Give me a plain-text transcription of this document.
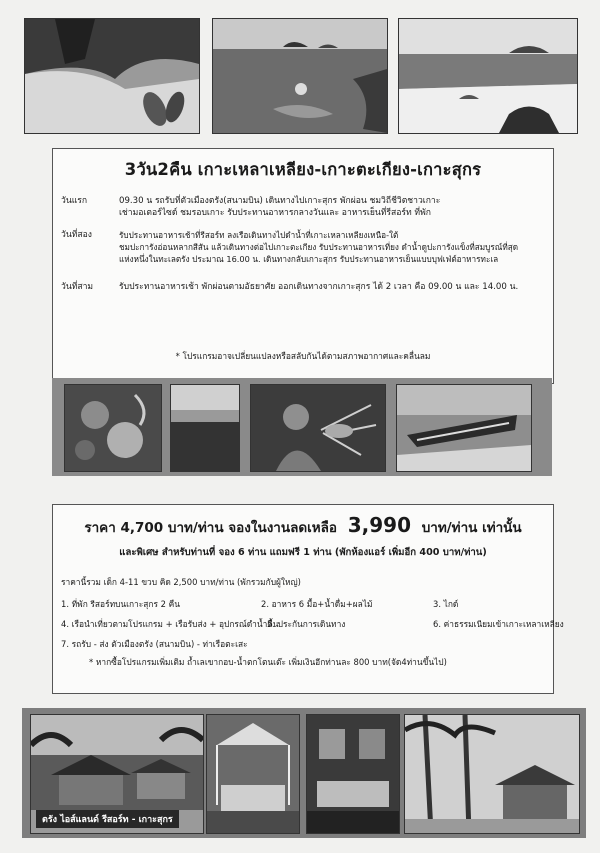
3วัน2คืน เกาะเหลาเหลียง-เกาะตะเกียง-เกาะสุกร
วันแรก	09.30 น รถรับที่ตัวเมืองตรัง(สนามบิน) เดินทางไปเกาะสุกร พักผ่อน ชมวิถีชีวิตชาวเกาะ
เช่ามอเตอร์ไซด์ ชมรอบเกาะ รับประทานอาหารกลางวันและ อาหารเย็นที่รีสอร์ท ที่พัก
วันที่สอง	รับประทานอาหารเช้าที่รีสอร์ท ลงเรือเดินทางไปดำน้ำที่เกาะเหลาเหลียงเหนือ-ใต้
ชมปะการังอ่อนหลากสีสัน แล้วเดินทางต่อไปเกาะตะเกียง รับประทานอาหารเที่ยง ดำน้ำดูปะการังแข็งที่สมบูรณ์ที่สุด
แห่งหนึ่งในทะเลตรัง ประมาณ 16.00 น. เดินทางกลับเกาะสุกร รับประทานอาหารเย็นแบบบุฟเฟ่ต์อาหารทะเล
วันที่สาม	รับประทานอาหารเช้า พักผ่อนตามอัธยาศัย ออกเดินทางจากเกาะสุกร ได้ 2 เวลา คือ 09.00 น และ 14.00 น.
* โปรแกรมอาจเปลี่ยนแปลงหรือสลับกันได้ตามสภาพอากาศและคลื่นลม
ราคา 4,700 บาท/ท่าน จองในงานลดเหลือ 3,990 บาท/ท่าน เท่านั้น
และพิเศษ สำหรับท่านที่ จอง 6 ท่าน แถมฟรี 1 ท่าน (พักห้องแอร์ เพิ่มอีก 400 บาท/ท่าน)
ราคานี้รวม เด็ก 4-11 ขวบ คิด 2,500 บาท/ท่าน (พักรวมกับผู้ใหญ่)
1. ที่พัก รีสอร์ทบนเกาะสุกร 2 คืน	2. อาหาร 6 มื้อ+น้ำดื่ม+ผลไม้	3. ไกด์
4. เรือนำเที่ยวตามโปรแกรม + เรือรับส่ง + อุปกรณ์ดำน้ำตื้น
5. ประกันการเดินทาง	6. ค่าธรรมเนียมเข้าเกาะเหลาเหลียง
7. รถรับ - ส่ง ตัวเมืองตรัง (สนามบิน) - ท่าเรือตะเสะ
* หากซื้อโปรแกรมเพิ่มเติม ถ้ำเลเขากอบ-น้ำตกโตนเต๊ะ เพิ่มเงินอีกท่านละ 800 บาท(จัด4ท่านขึ้นไป)
ตรัง ไอส์แลนด์ รีสอร์ท - เกาะสุกร
